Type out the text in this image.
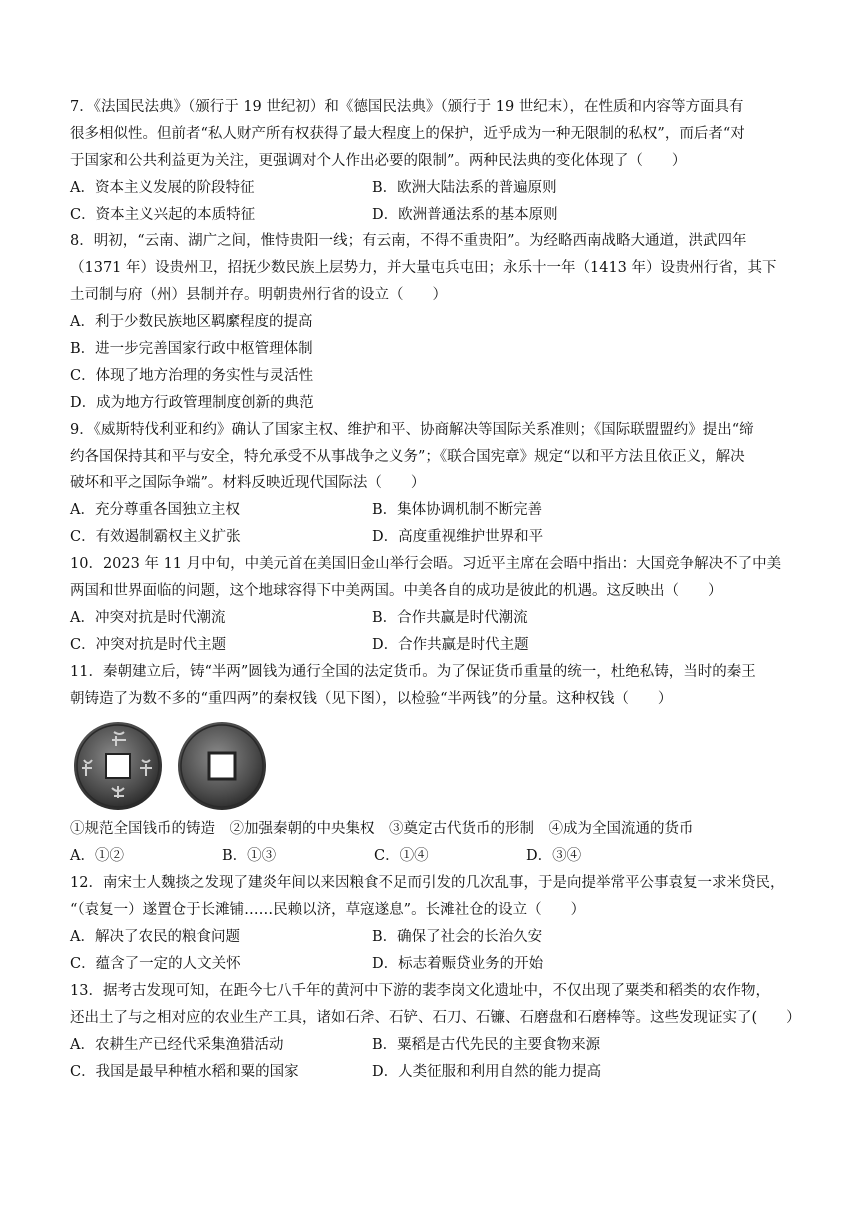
7．《法国民法典》（颁行于 19 世纪初）和《德国民法典》（颁行于 19 世纪末），在性质和内容等方面具有
很多相似性。但前者“私人财产所有权获得了最大程度上的保护，近乎成为一种无限制的私权”，而后者“对
于国家和公共利益更为关注，更强调对个人作出必要的限制”。两种民法典的变化体现了（　　）
A．资本主义发展的阶段特征	B．欧洲大陆法系的普遍原则
C．资本主义兴起的本质特征	D．欧洲普通法系的基本原则
8．明初，“云南、湖广之间，惟恃贵阳一线；有云南，不得不重贵阳”。为经略西南战略大通道，洪武四年
（1371 年）设贵州卫，招抚少数民族上层势力，并大量屯兵屯田；永乐十一年（1413 年）设贵州行省，其下
土司制与府（州）县制并存。明朝贵州行省的设立（　　）
A．利于少数民族地区羁縻程度的提高
B．进一步完善国家行政中枢管理体制
C．体现了地方治理的务实性与灵活性
D．成为地方行政管理制度创新的典范
9．《威斯特伐利亚和约》确认了国家主权、维护和平、协商解决等国际关系准则；《国际联盟盟约》提出“缔
约各国保持其和平与安全，特允承受不从事战争之义务”；《联合国宪章》规定“以和平方法且依正义，解决
破坏和平之国际争端”。材料反映近现代国际法（　　）
A．充分尊重各国独立主权	B．集体协调机制不断完善
C．有效遏制霸权主义扩张	D．高度重视维护世界和平
10．2023 年 11 月中旬，中美元首在美国旧金山举行会晤。习近平主席在会晤中指出：大国竞争解决不了中美
两国和世界面临的问题，这个地球容得下中美两国。中美各自的成功是彼此的机遇。这反映出（　　）
A．冲突对抗是时代潮流	B．合作共赢是时代潮流
C．冲突对抗是时代主题	D．合作共赢是时代主题
11．秦朝建立后，铸“半两”圆钱为通行全国的法定货币。为了保证货币重量的统一，杜绝私铸，当时的秦王
朝铸造了为数不多的“重四两”的秦权钱（见下图），以检验“半两钱”的分量。这种权钱（　　）
①规范全国钱币的铸造　②加强秦朝的中央集权　③奠定古代货币的形制　④成为全国流通的货币
A．①②	B．①③	C．①④	D．③④
12．南宋士人魏掞之发现了建炎年间以来因粮食不足而引发的几次乱事，于是向提举常平公事袁复一求米贷民，
“（袁复一）遂置仓于长滩铺……民赖以济，草寇遂息”。长滩社仓的设立（　　）
A．解决了农民的粮食问题	B．确保了社会的长治久安
C．蕴含了一定的人文关怀	D．标志着赈贷业务的开始
13．据考古发现可知，在距今七八千年的黄河中下游的裴李岗文化遗址中，不仅出现了粟类和稻类的农作物，
还出土了与之相对应的农业生产工具，诸如石斧、石铲、石刀、石镰、石磨盘和石磨棒等。这些发现证实了(　　）
A．农耕生产已经代采集渔猎活动	B．粟稻是古代先民的主要食物来源
C．我国是最早种植水稻和粟的国家	D．人类征服和利用自然的能力提高
